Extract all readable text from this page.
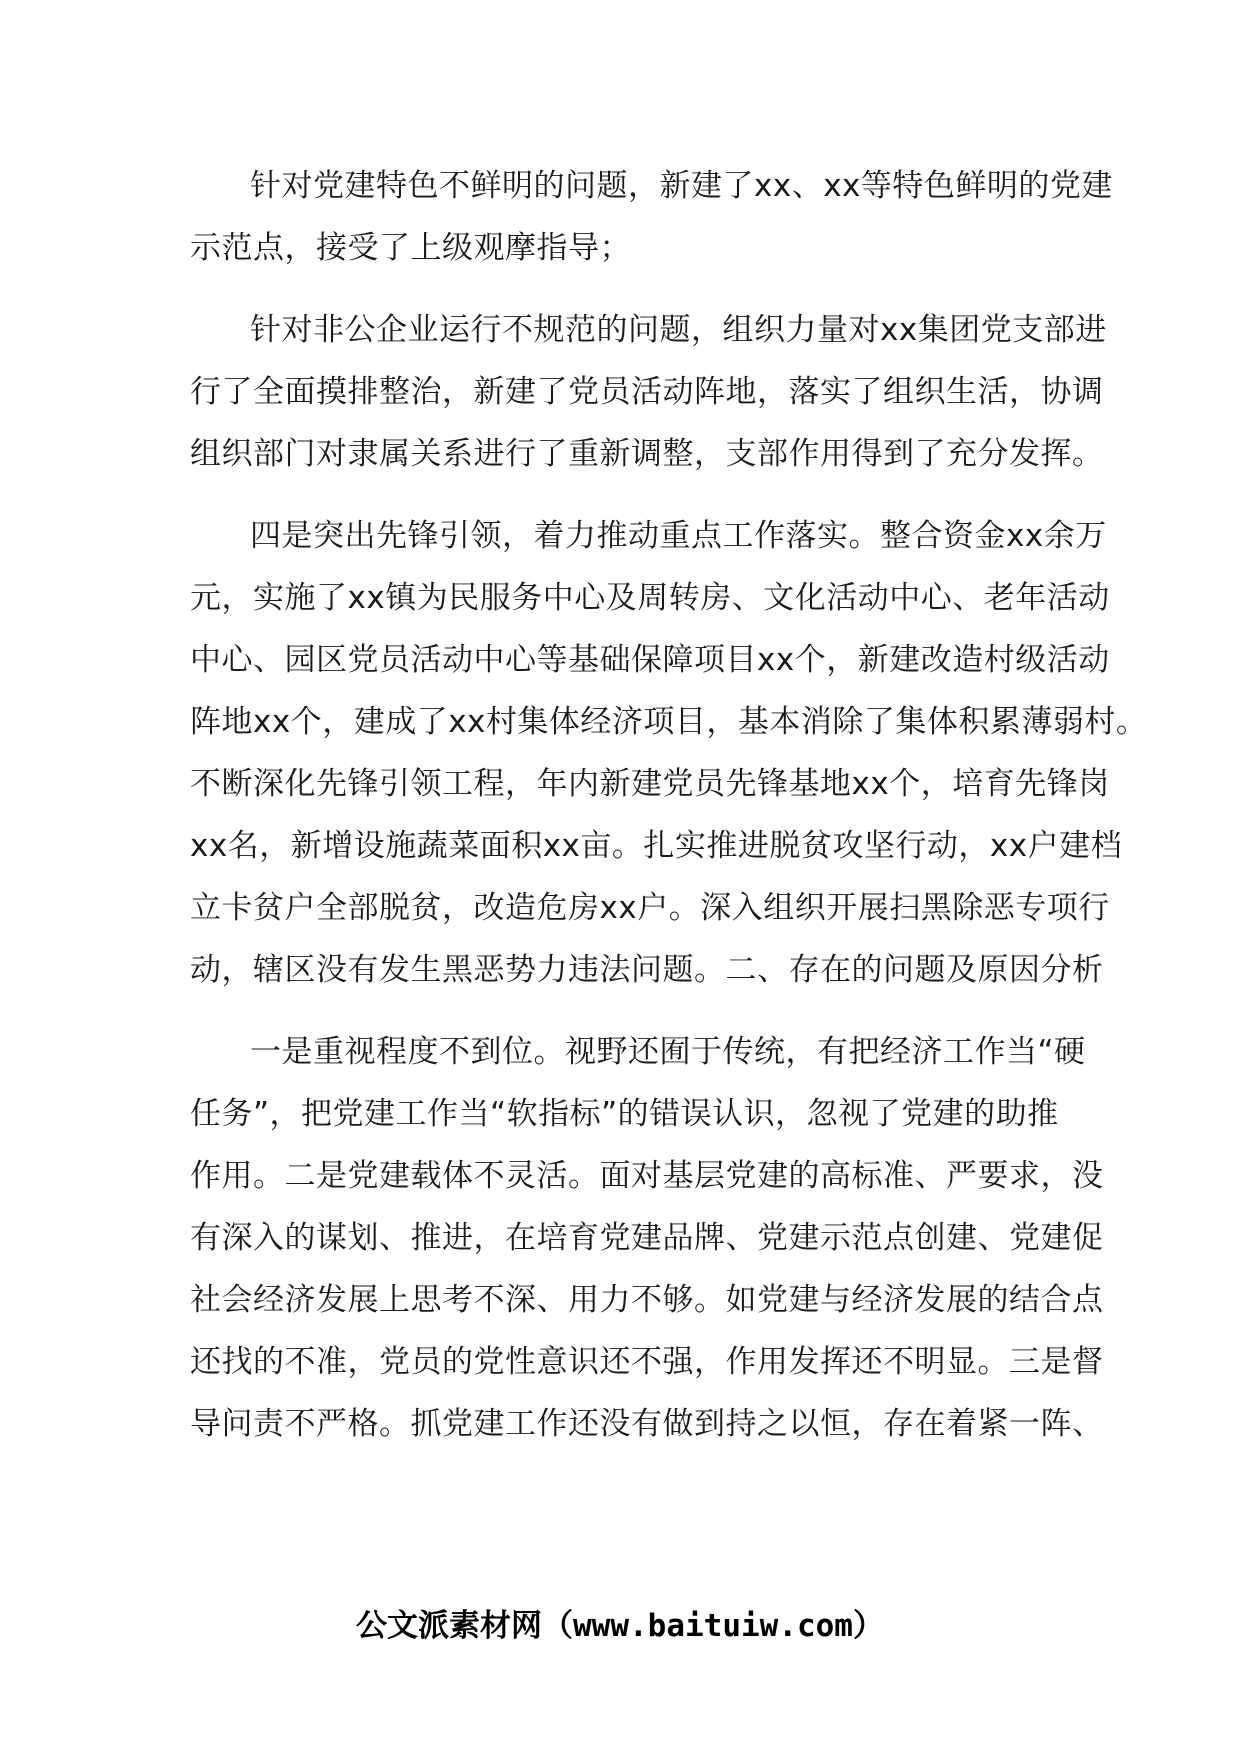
针对党建特色不鲜明的问题，新建了xx、xx等特色鲜明的党建
示范点，接受了上级观摩指导；
针对非公企业运行不规范的问题，组织力量对xx集团党支部进
行了全面摸排整治，新建了党员活动阵地，落实了组织生活，协调
组织部门对隶属关系进行了重新调整，支部作用得到了充分发挥。
四是突出先锋引领，着力推动重点工作落实。整合资金xx余万
元，实施了xx镇为民服务中心及周转房、文化活动中心、老年活动
中心、园区党员活动中心等基础保障项目xx个，新建改造村级活动
阵地xx个，建成了xx村集体经济项目，基本消除了集体积累薄弱村。
不断深化先锋引领工程，年内新建党员先锋基地xx个，培育先锋岗
xx名，新增设施蔬菜面积xx亩。扎实推进脱贫攻坚行动，xx户建档
立卡贫户全部脱贫，改造危房xx户。深入组织开展扫黑除恶专项行
动，辖区没有发生黑恶势力违法问题。二、存在的问题及原因分析
一是重视程度不到位。视野还囿于传统，有把经济工作当“硬
任务”，把党建工作当“软指标”的错误认识，忽视了党建的助推
作用。二是党建载体不灵活。面对基层党建的高标准、严要求，没
有深入的谋划、推进，在培育党建品牌、党建示范点创建、党建促
社会经济发展上思考不深、用力不够。如党建与经济发展的结合点
还找的不准，党员的党性意识还不强，作用发挥还不明显。三是督
导问责不严格。抓党建工作还没有做到持之以恒，存在着紧一阵、
公文派素材网（www.baituiw.com）
